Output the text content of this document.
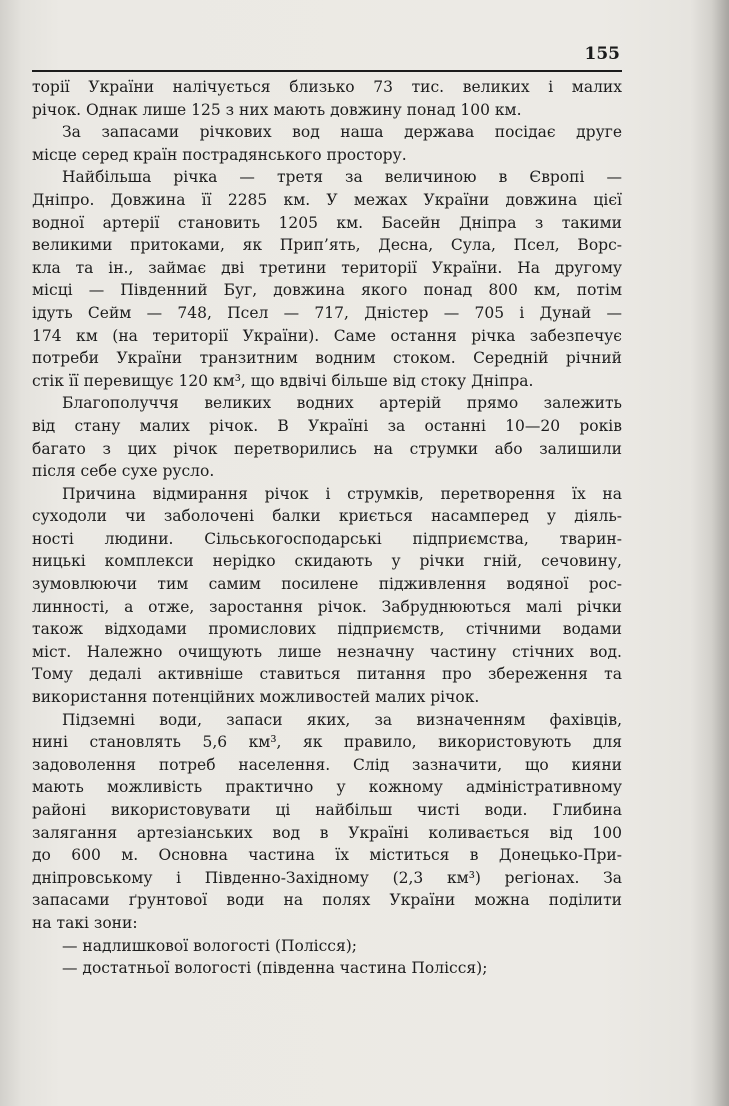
155
торії України налічується близько 73 тис. великих і малих
річок. Однак лише 125 з них мають довжину понад 100 км.
За запасами річкових вод наша держава посідає друге
місце серед країн пострадянського простору.
Найбільша річка — третя за величиною в Європі —
Дніпро. Довжина її 2285 км. У межах України довжина цієї
водної артерії становить 1205 км. Басейн Дніпра з такими
великими притоками, як Прип’ять, Десна, Сула, Псел, Ворс-
кла та ін., займає дві третини території України. На другому
місці — Південний Буг, довжина якого понад 800 км, потім
ідуть Сейм — 748, Псел — 717, Дністер — 705 і Дунай —
174 км (на території України). Саме остання річка забезпечує
потреби України транзитним водним стоком. Середній річний
стік її перевищує 120 км³, що вдвічі більше від стоку Дніпра.
Благополуччя великих водних артерій прямо залежить
від стану малих річок. В Україні за останні 10—20 років
багато з цих річок перетворились на струмки або залишили
після себе сухе русло.
Причина відмирання річок і струмків, перетворення їх на
суходоли чи заболочені балки криється насамперед у діяль-
ності людини. Сільськогосподарські підприємства, тварин-
ницькі комплекси нерідко скидають у річки гній, сечовину,
зумовлюючи тим самим посилене підживлення водяної рос-
линності, а отже, заростання річок. Забруднюються малі річки
також відходами промислових підприємств, стічними водами
міст. Належно очищують лише незначну частину стічних вод.
Тому дедалі активніше ставиться питання про збереження та
використання потенційних можливостей малих річок.
Підземні води, запаси яких, за визначенням фахівців,
нині становлять 5,6 км³, як правило, використовують для
задоволення потреб населення. Слід зазначити, що кияни
мають можливість практично у кожному адміністративному
районі використовувати ці найбільш чисті води. Глибина
залягання артезіанських вод в Україні коливається від 100
до 600 м. Основна частина їх міститься в Донецько-При-
дніпровському і Південно-Західному (2,3 км³) регіонах. За
запасами ґрунтової води на полях України можна поділити
на такі зони:
— надлишкової вологості (Полісся);
— достатньої вологості (південна частина Полісся);
